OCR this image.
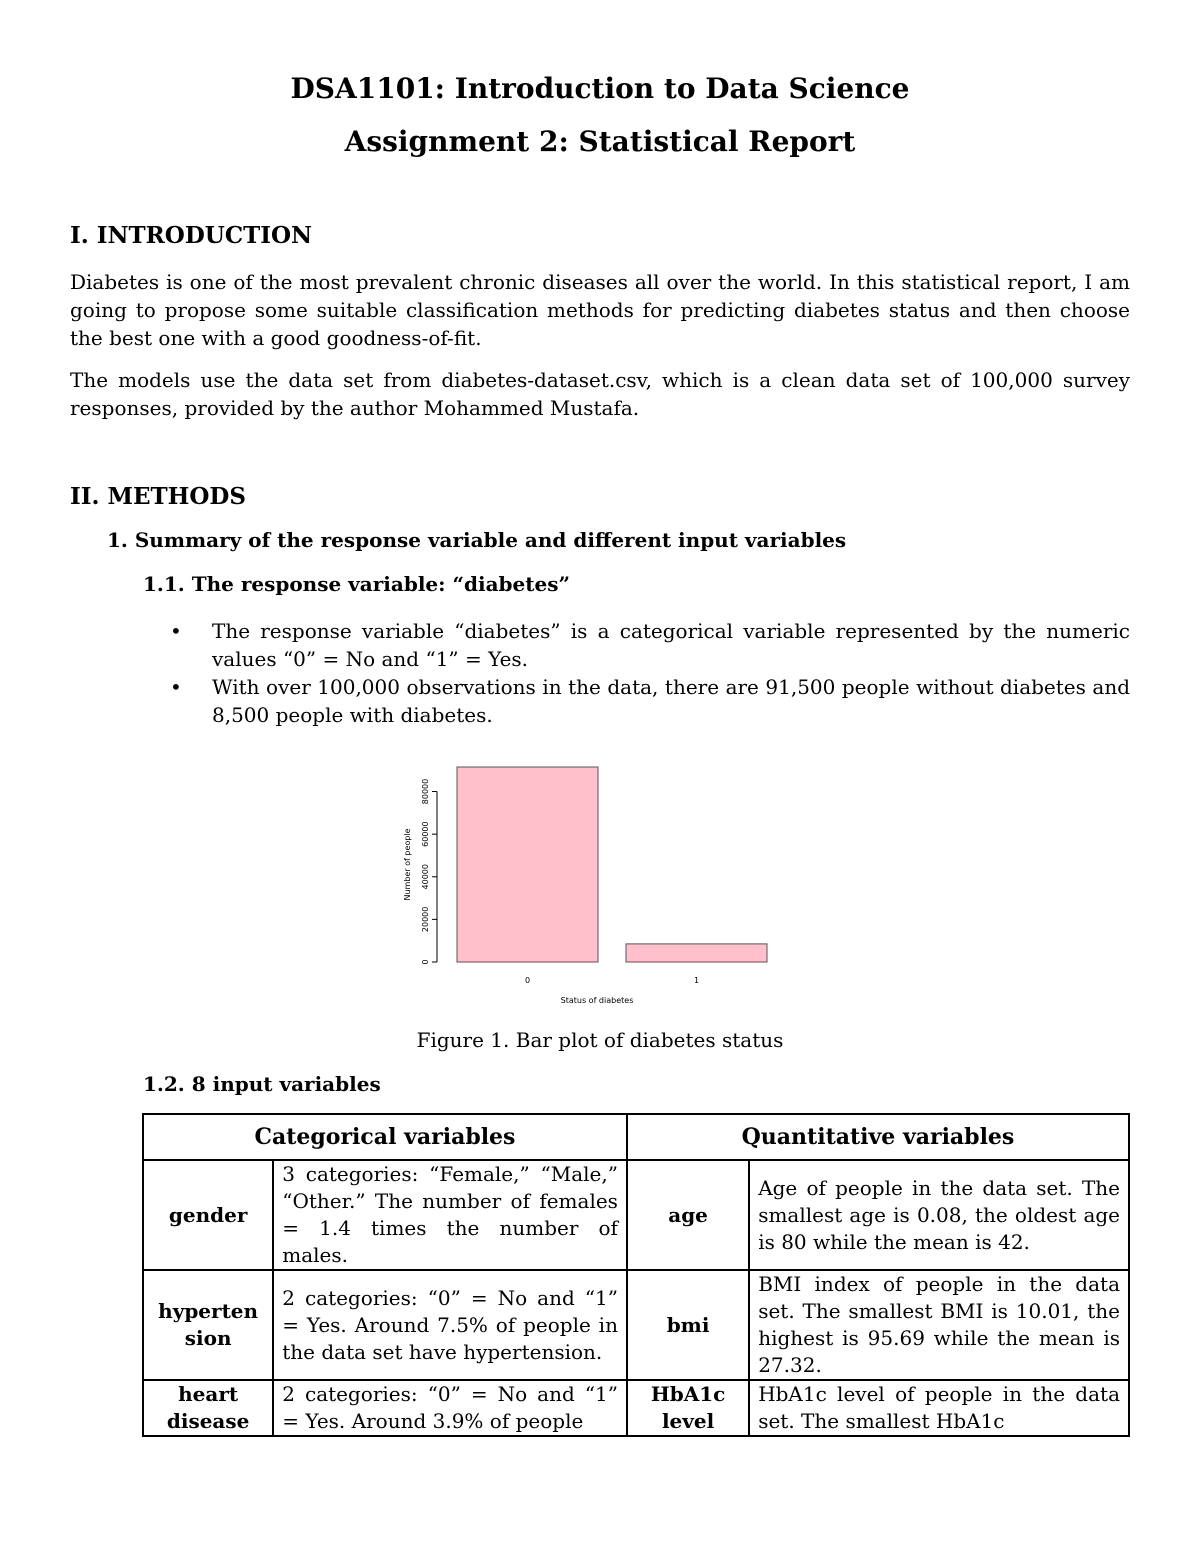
DSA1101: Introduction to Data Science
Assignment 2: Statistical Report
I. INTRODUCTION
Diabetes is one of the most prevalent chronic diseases all over the world. In this statistical report, I am going to propose some suitable classification methods for predicting diabetes status and then choose the best one with a good goodness-of-fit.
The models use the data set from diabetes-dataset.csv, which is a clean data set of 100,000 survey responses, provided by the author Mohammed Mustafa.
II. METHODS
1. Summary of the response variable and different input variables
1.1. The response variable: “diabetes”
• The response variable “diabetes” is a categorical variable represented by the numeric values “0” = No and “1” = Yes.
• With over 100,000 observations in the data, there are 91,500 people without diabetes and 8,500 people with diabetes.
0	1
0
20000
40000
60000
80000
Number of people
Status of diabetes
Figure 1. Bar plot of diabetes status
1.2. 8 input variables
Categorical variables		Quantitative variables	
gender	3 categories: “Female,” “Male,” “Other.” The number of females = 1.4 times the number of males.	age	Age of people in the data set. The smallest age is 0.08, the oldest age is 80 while the mean is 42.
hyperten sion	2 categories: “0” = No and “1” = Yes. Around 7.5% of people in the data set have hypertension.	bmi	BMI index of people in the data set. The smallest BMI is 10.01, the highest is 95.69 while the mean is 27.32.
heart disease	2 categories: “0” = No and “1” = Yes. Around 3.9% of people	HbA1c level	HbA1c level of people in the data set. The smallest HbA1c
